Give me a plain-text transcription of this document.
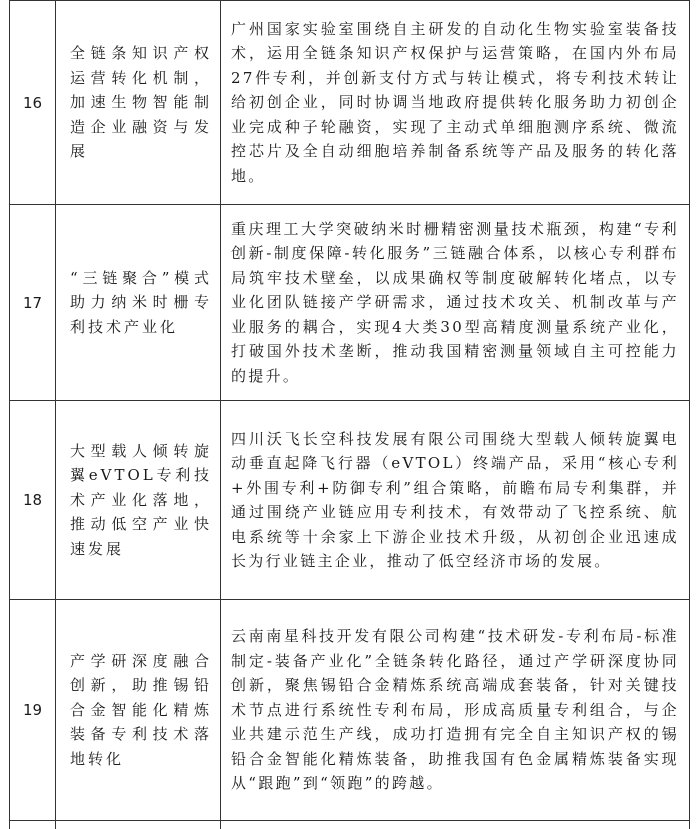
16	全链条知识产权运营转化机制，加速生物智能制造企业融资与发展	广州国家实验室围绕自主研发的自动化生物实验室装备技术，运用全链条知识产权保护与运营策略，在国内外布局27件专利，并创新支付方式与转让模式，将专利技术转让给初创企业，同时协调当地政府提供转化服务助力初创企业完成种子轮融资，实现了主动式单细胞测序系统、微流控芯片及全自动细胞培养制备系统等产品及服务的转化落地。
17	“三链聚合”模式助力纳米时栅专利技术产业化	重庆理工大学突破纳米时栅精密测量技术瓶颈，构建“专利创新-制度保障-转化服务”三链融合体系，以核心专利群布局筑牢技术壁垒，以成果确权等制度破解转化堵点，以专业化团队链接产学研需求，通过技术攻关、机制改革与产业服务的耦合，实现4大类30型高精度测量系统产业化，打破国外技术垄断，推动我国精密测量领域自主可控能力的提升。
18	大型载人倾转旋翼eVTOL专利技术产业化落地，推动低空产业快速发展	四川沃飞长空科技发展有限公司围绕大型载人倾转旋翼电动垂直起降飞行器（eVTOL）终端产品，采用“核心专利+外围专利+防御专利”组合策略，前瞻布局专利集群，并通过围绕产业链应用专利技术，有效带动了飞控系统、航电系统等十余家上下游企业技术升级，从初创企业迅速成长为行业链主企业，推动了低空经济市场的发展。
19	产学研深度融合创新，助推锡铅合金智能化精炼装备专利技术落地转化	云南南星科技开发有限公司构建“技术研发-专利布局-标准制定-装备产业化”全链条转化路径，通过产学研深度协同创新，聚焦锡铅合金精炼系统高端成套装备，针对关键技术节点进行系统性专利布局，形成高质量专利组合，与企业共建示范生产线，成功打造拥有完全自主知识产权的锡铅合金智能化精炼装备，助推我国有色金属精炼装备实现从“跟跑”到“领跑”的跨越。
